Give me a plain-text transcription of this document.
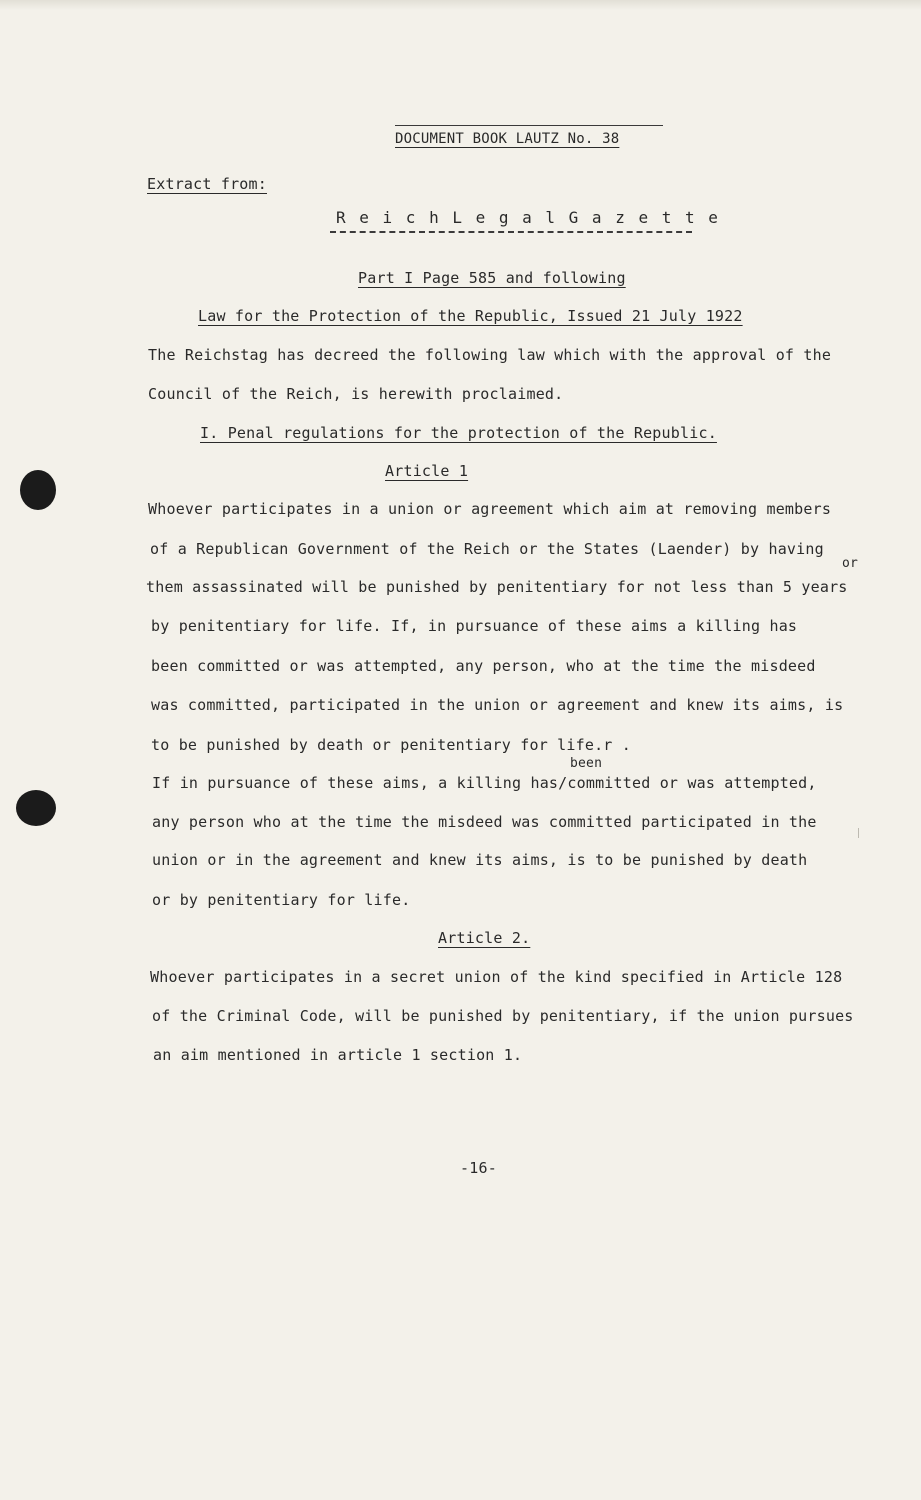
DOCUMENT BOOK LAUTZ No. 38
Extract from:
R e i c h L e g a l G a z e t t e
Part I Page 585 and following
Law for the Protection of the Republic, Issued 21 July 1922
The Reichstag has decreed the following law which with the approval of the
Council of the Reich, is herewith proclaimed.
I. Penal regulations for the protection of the Republic.
Article 1
Whoever participates in a union or agreement which aim at removing members
of a Republican Government of the Reich or the States (Laender) by having
or
them assassinated will be punished by penitentiary for not less than 5 years
by penitentiary for life. If, in pursuance of these aims a killing has
been committed or was attempted, any person, who at the time the misdeed
was committed, participated in the union or agreement and knew its aims, is
to be punished by death or penitentiary for life.r .
been
If in pursuance of these aims, a killing has/committed or was attempted,
any person who at the time the misdeed was committed participated in the
union or in the agreement and knew its aims, is to be punished by death
or by penitentiary for life.
Article 2.
Whoever participates in a secret union of the kind specified in Article 128
of the Criminal Code, will be punished by penitentiary, if the union pursues
an aim mentioned in article 1 section 1.
-16-
